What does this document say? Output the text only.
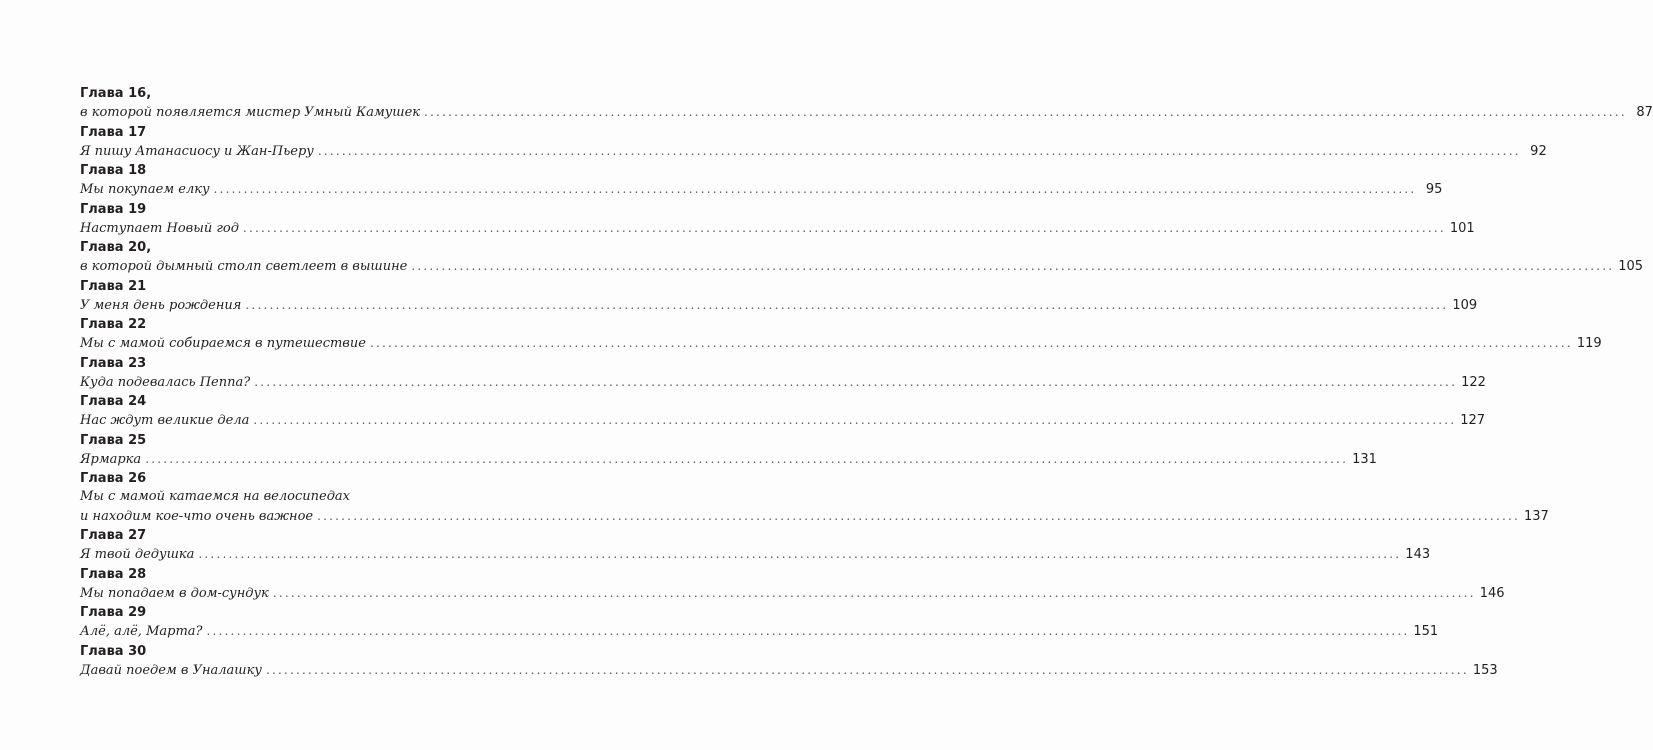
Глава 16,
в которой появляется мистер Умный Камушек ........................................................................................................................................................................................................ 87
Глава 17
Я пишу Атанасиосу и Жан-Пьеру ........................................................................................................................................................................................................ 92
Глава 18
Мы покупаем елку ........................................................................................................................................................................................................ 95
Глава 19
Наступает Новый год ........................................................................................................................................................................................................ 101
Глава 20,
в которой дымный столп светлеет в вышине ........................................................................................................................................................................................................ 105
Глава 21
У меня день рождения ........................................................................................................................................................................................................ 109
Глава 22
Мы с мамой собираемся в путешествие ........................................................................................................................................................................................................ 119
Глава 23
Куда подевалась Пеппа? ........................................................................................................................................................................................................ 122
Глава 24
Нас ждут великие дела ........................................................................................................................................................................................................ 127
Глава 25
Ярмарка ........................................................................................................................................................................................................ 131
Глава 26
Мы с мамой катаемся на велосипедах
и находим кое-что очень важное ........................................................................................................................................................................................................ 137
Глава 27
Я твой дедушка ........................................................................................................................................................................................................ 143
Глава 28
Мы попадаем в дом-сундук ........................................................................................................................................................................................................ 146
Глава 29
Алё, алё, Марта? ........................................................................................................................................................................................................ 151
Глава 30
Давай поедем в Уналашку ........................................................................................................................................................................................................ 153
